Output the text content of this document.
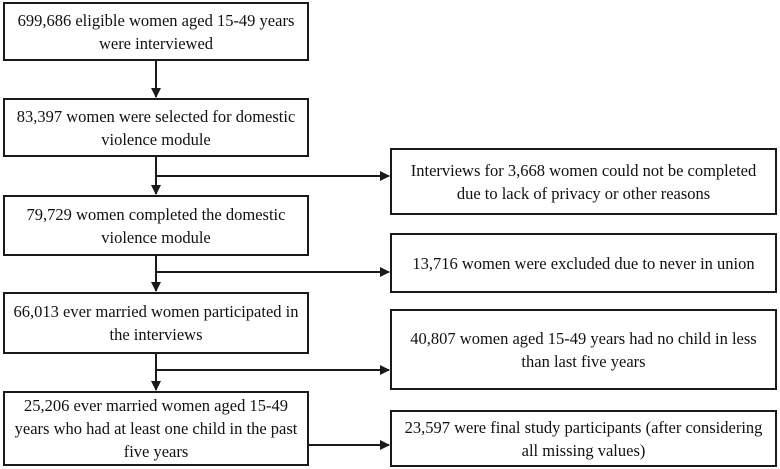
699,686 eligible women aged 15-49 years were interviewed
83,397 women were selected for domestic violence module
79,729 women completed the domestic violence module
66,013 ever married women participated in the interviews
25,206 ever married women aged 15-49 years who had at least one child in the past five years
Interviews for 3,668 women could not be completed due to lack of privacy or other reasons
13,716 women were excluded due to never in union
40,807 women aged 15-49 years had no child in less than last five years
23,597 were final study participants (after considering all missing values)
